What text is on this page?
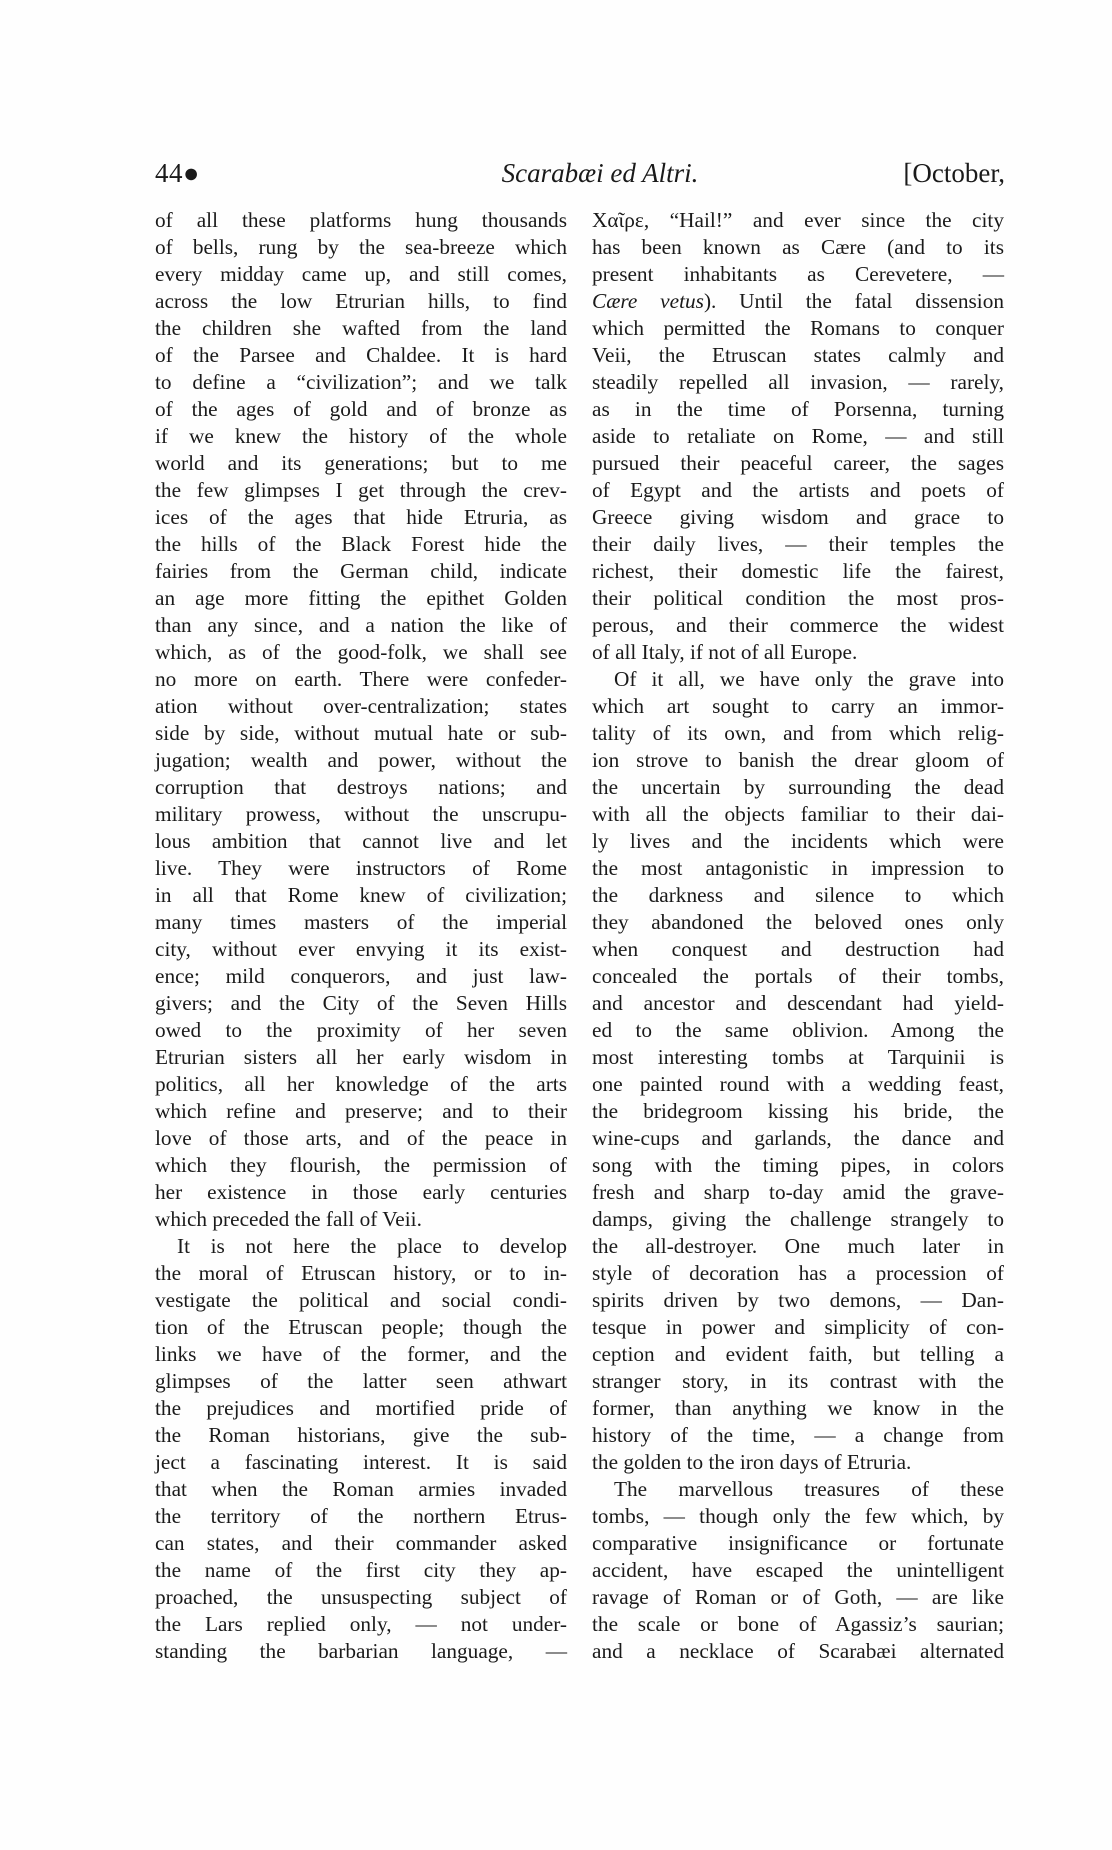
44●	Scarabæi ed Altri.	[October,
of all these platforms hung thousands
of bells, rung by the sea-breeze which
every midday came up, and still comes,
across the low Etrurian hills, to find
the children she wafted from the land
of the Parsee and Chaldee. It is hard
to define a “civilization”; and we talk
of the ages of gold and of bronze as
if we knew the history of the whole
world and its generations; but to me
the few glimpses I get through the crev-
ices of the ages that hide Etruria, as
the hills of the Black Forest hide the
fairies from the German child, indicate
an age more fitting the epithet Golden
than any since, and a nation the like of
which, as of the good-folk, we shall see
no more on earth. There were confeder-
ation without over-centralization; states
side by side, without mutual hate or sub-
jugation; wealth and power, without the
corruption that destroys nations; and
military prowess, without the unscrupu-
lous ambition that cannot live and let
live. They were instructors of Rome
in all that Rome knew of civilization;
many times masters of the imperial
city, without ever envying it its exist-
ence; mild conquerors, and just law-
givers; and the City of the Seven Hills
owed to the proximity of her seven
Etrurian sisters all her early wisdom in
politics, all her knowledge of the arts
which refine and preserve; and to their
love of those arts, and of the peace in
which they flourish, the permission of
her existence in those early centuries
which preceded the fall of Veii.
It is not here the place to develop
the moral of Etruscan history, or to in-
vestigate the political and social condi-
tion of the Etruscan people; though the
links we have of the former, and the
glimpses of the latter seen athwart
the prejudices and mortified pride of
the Roman historians, give the sub-
ject a fascinating interest. It is said
that when the Roman armies invaded
the territory of the northern Etrus-
can states, and their commander asked
the name of the first city they ap-
proached, the unsuspecting subject of
the Lars replied only, — not under-
standing the barbarian language, —
Χαῖρε, “Hail!” and ever since the city
has been known as Cære (and to its
present inhabitants as Cerevetere, —
Cære vetus). Until the fatal dissension
which permitted the Romans to conquer
Veii, the Etruscan states calmly and
steadily repelled all invasion, — rarely,
as in the time of Porsenna, turning
aside to retaliate on Rome, — and still
pursued their peaceful career, the sages
of Egypt and the artists and poets of
Greece giving wisdom and grace to
their daily lives, — their temples the
richest, their domestic life the fairest,
their political condition the most pros-
perous, and their commerce the widest
of all Italy, if not of all Europe.
Of it all, we have only the grave into
which art sought to carry an immor-
tality of its own, and from which relig-
ion strove to banish the drear gloom of
the uncertain by surrounding the dead
with all the objects familiar to their dai-
ly lives and the incidents which were
the most antagonistic in impression to
the darkness and silence to which
they abandoned the beloved ones only
when conquest and destruction had
concealed the portals of their tombs,
and ancestor and descendant had yield-
ed to the same oblivion. Among the
most interesting tombs at Tarquinii is
one painted round with a wedding feast,
the bridegroom kissing his bride, the
wine-cups and garlands, the dance and
song with the timing pipes, in colors
fresh and sharp to-day amid the grave-
damps, giving the challenge strangely to
the all-destroyer. One much later in
style of decoration has a procession of
spirits driven by two demons, — Dan-
tesque in power and simplicity of con-
ception and evident faith, but telling a
stranger story, in its contrast with the
former, than anything we know in the
history of the time, — a change from
the golden to the iron days of Etruria.
The marvellous treasures of these
tombs, — though only the few which, by
comparative insignificance or fortunate
accident, have escaped the unintelligent
ravage of Roman or of Goth, — are like
the scale or bone of Agassiz’s saurian;
and a necklace of Scarabæi alternated
